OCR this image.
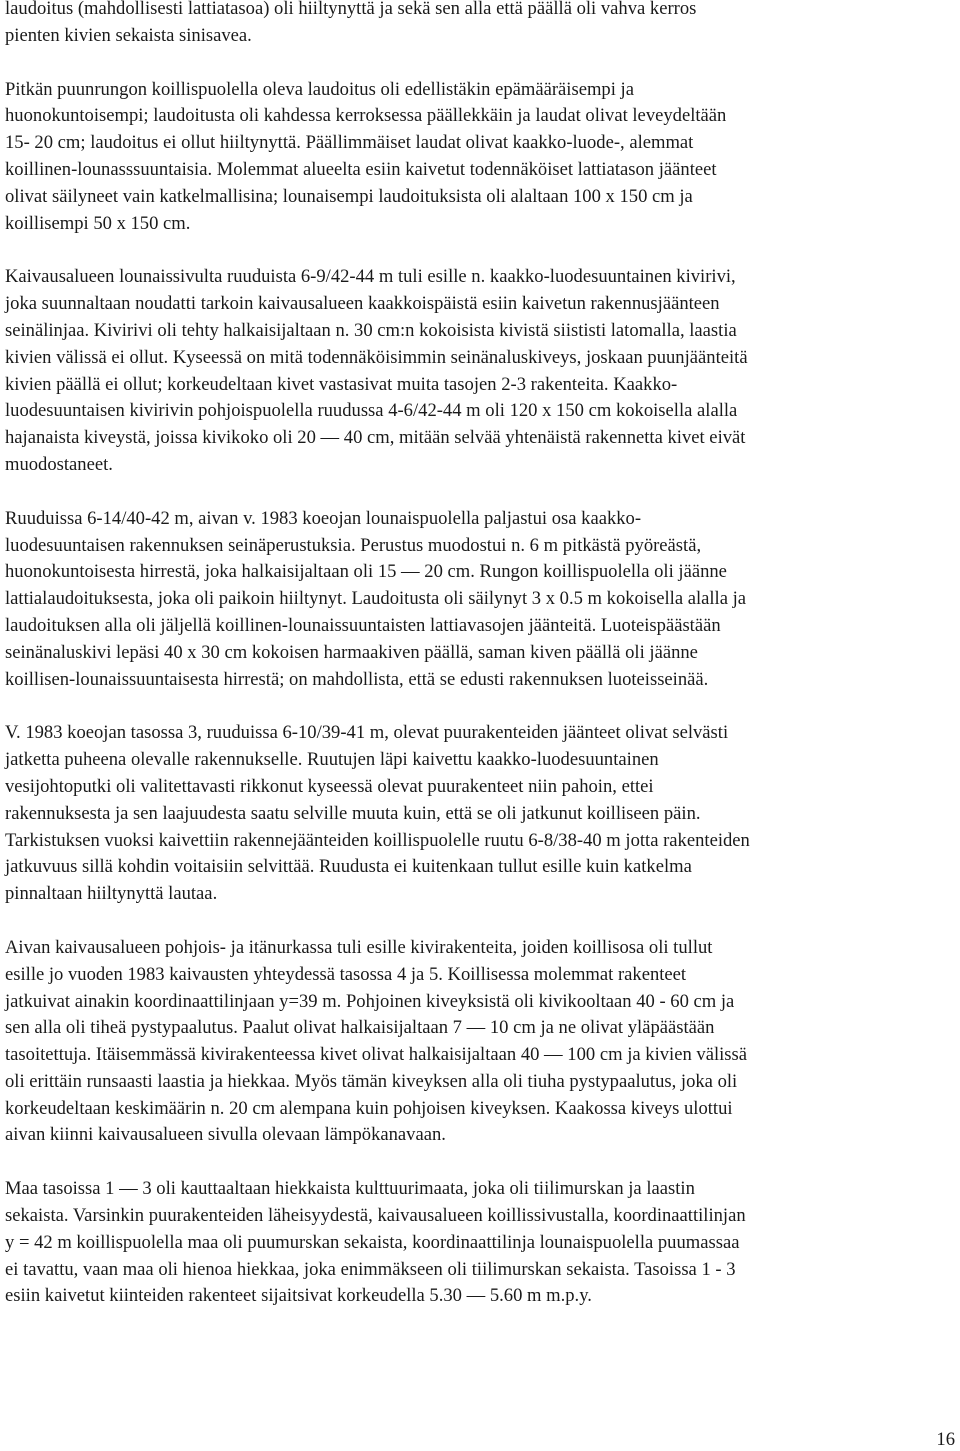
laudoitus (mahdollisesti lattiatasoa) oli hiiltynyttä ja sekä sen alla että päällä oli vahva kerros
pienten kivien sekaista sinisavea.

Pitkän puunrungon koillispuolella oleva laudoitus oli edellistäkin epämääräisempi ja
huonokuntoisempi; laudoitusta oli kahdessa kerroksessa päällekkäin ja laudat olivat leveydeltään
15- 20 cm; laudoitus ei ollut hiiltynyttä. Päällimmäiset laudat olivat kaakko-luode-, alemmat
koillinen-lounasssuuntaisia. Molemmat alueelta esiin kaivetut todennäköiset lattiatason jäänteet
olivat säilyneet vain katkelmallisina; lounaisempi laudoituksista oli alaltaan 100 x 150 cm ja
koillisempi 50 x 150 cm.

Kaivausalueen lounaissivulta ruuduista 6-9/42-44 m tuli esille n. kaakko-luodesuuntainen kivirivi,
joka suunnaltaan noudatti tarkoin kaivausalueen kaakkoispäistä esiin kaivetun rakennusjäänteen
seinälinjaa. Kivirivi oli tehty halkaisijaltaan n. 30 cm:n kokoisista kivistä siististi latomalla, laastia
kivien välissä ei ollut. Kyseessä on mitä todennäköisimmin seinänaluskiveys, joskaan puunjäänteitä
kivien päällä ei ollut; korkeudeltaan kivet vastasivat muita tasojen 2-3 rakenteita. Kaakko-
luodesuuntaisen kivirivin pohjoispuolella ruudussa 4-6/42-44 m oli 120 x 150 cm kokoisella alalla
hajanaista kiveystä, joissa kivikoko oli 20 — 40 cm, mitään selvää yhtenäistä rakennetta kivet eivät
muodostaneet.

Ruuduissa 6-14/40-42 m, aivan v. 1983 koeojan lounaispuolella paljastui osa kaakko-
luodesuuntaisen rakennuksen seinäperustuksia. Perustus muodostui n. 6 m pitkästä pyöreästä,
huonokuntoisesta hirrestä, joka halkaisijaltaan oli 15 — 20 cm. Rungon koillispuolella oli jäänne
lattialaudoituksesta, joka oli paikoin hiiltynyt. Laudoitusta oli säilynyt 3 x 0.5 m kokoisella alalla ja
laudoituksen alla oli jäljellä koillinen-lounaissuuntaisten lattiavasojen jäänteitä. Luoteispäästään
seinänaluskivi lepäsi 40 x 30 cm kokoisen harmaakiven päällä, saman kiven päällä oli jäänne
koillisen-lounaissuuntaisesta hirrestä; on mahdollista, että se edusti rakennuksen luoteisseinää.

V. 1983 koeojan tasossa 3, ruuduissa 6-10/39-41 m, olevat puurakenteiden jäänteet olivat selvästi
jatketta puheena olevalle rakennukselle. Ruutujen läpi kaivettu kaakko-luodesuuntainen
vesijohtoputki oli valitettavasti rikkonut kyseessä olevat puurakenteet niin pahoin, ettei
rakennuksesta ja sen laajuudesta saatu selville muuta kuin, että se oli jatkunut koilliseen päin.
Tarkistuksen vuoksi kaivettiin rakennejäänteiden koillispuolelle ruutu 6-8/38-40 m jotta rakenteiden
jatkuvuus sillä kohdin voitaisiin selvittää. Ruudusta ei kuitenkaan tullut esille kuin katkelma
pinnaltaan hiiltynyttä lautaa.

Aivan kaivausalueen pohjois- ja itänurkassa tuli esille kivirakenteita, joiden koillisosa oli tullut
esille jo vuoden 1983 kaivausten yhteydessä tasossa 4 ja 5. Koillisessa molemmat rakenteet
jatkuivat ainakin koordinaattilinjaan y=39 m. Pohjoinen kiveyksistä oli kivikooltaan 40 - 60 cm ja
sen alla oli tiheä pystypaalutus. Paalut olivat halkaisijaltaan 7 — 10 cm ja ne olivat yläpäästään
tasoitettuja. Itäisemmässä kivirakenteessa kivet olivat halkaisijaltaan 40 — 100 cm ja kivien välissä
oli erittäin runsaasti laastia ja hiekkaa. Myös tämän kiveyksen alla oli tiuha pystypaalutus, joka oli
korkeudeltaan keskimäärin n. 20 cm alempana kuin pohjoisen kiveyksen. Kaakossa kiveys ulottui
aivan kiinni kaivausalueen sivulla olevaan lämpökanavaan.

Maa tasoissa 1 — 3 oli kauttaaltaan hiekkaista kulttuurimaata, joka oli tiilimurskan ja laastin
sekaista. Varsinkin puurakenteiden läheisyydestä, kaivausalueen koillissivustalla, koordinaattilinjan
y = 42 m koillispuolella maa oli puumurskan sekaista, koordinaattilinja lounaispuolella puumassaa
ei tavattu, vaan maa oli hienoa hiekkaa, joka enimmäkseen oli tiilimurskan sekaista. Tasoissa 1 - 3
esiin kaivetut kiinteiden rakenteet sijaitsivat korkeudella 5.30 — 5.60 m m.p.y.

16
